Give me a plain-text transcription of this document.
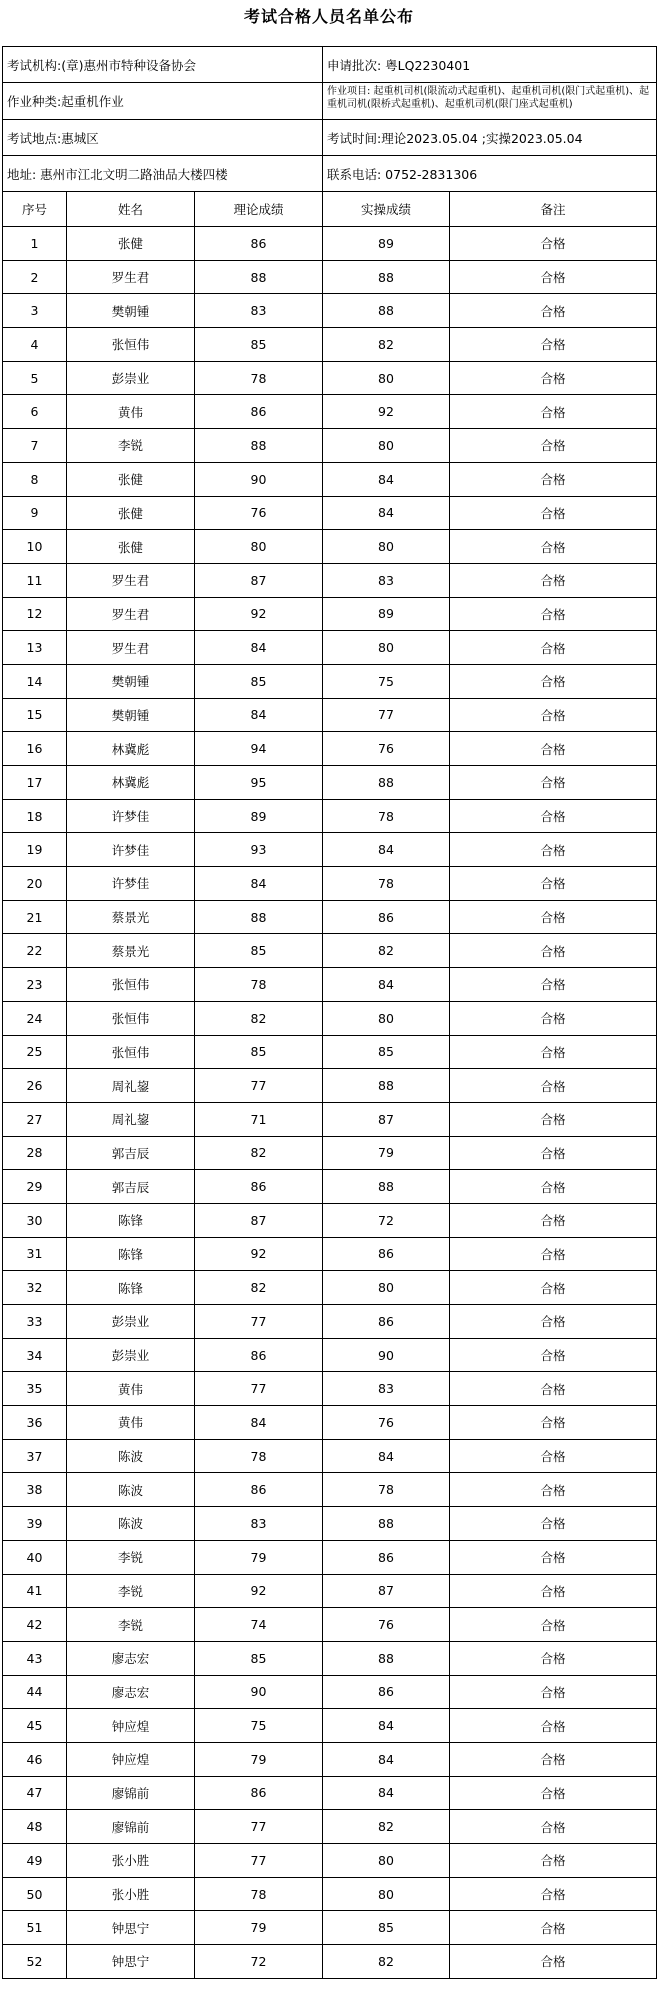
考试合格人员名单公布
考试机构:(章)惠州市特种设备协会			申请批次: 粤LQ2230401	
作业种类:起重机作业			作业项目: 起重机司机(限流动式起重机)、起重机司机(限门式起重机)、起重机司机(限桥式起重机)、起重机司机(限门座式起重机)	
考试地点:惠城区			考试时间:理论2023.05.04 ;实操2023.05.04	
地址: 惠州市江北文明二路油品大楼四楼			联系电话: 0752-2831306	
序号	姓名	理论成绩	实操成绩	备注
1	张健	86	89	合格
2	罗生君	88	88	合格
3	樊朝锺	83	88	合格
4	张恒伟	85	82	合格
5	彭崇业	78	80	合格
6	黄伟	86	92	合格
7	李锐	88	80	合格
8	张健	90	84	合格
9	张健	76	84	合格
10	张健	80	80	合格
11	罗生君	87	83	合格
12	罗生君	92	89	合格
13	罗生君	84	80	合格
14	樊朝锺	85	75	合格
15	樊朝锺	84	77	合格
16	林冀彪	94	76	合格
17	林冀彪	95	88	合格
18	许梦佳	89	78	合格
19	许梦佳	93	84	合格
20	许梦佳	84	78	合格
21	蔡景光	88	86	合格
22	蔡景光	85	82	合格
23	张恒伟	78	84	合格
24	张恒伟	82	80	合格
25	张恒伟	85	85	合格
26	周礼鋆	77	88	合格
27	周礼鋆	71	87	合格
28	郭吉辰	82	79	合格
29	郭吉辰	86	88	合格
30	陈锋	87	72	合格
31	陈锋	92	86	合格
32	陈锋	82	80	合格
33	彭崇业	77	86	合格
34	彭崇业	86	90	合格
35	黄伟	77	83	合格
36	黄伟	84	76	合格
37	陈波	78	84	合格
38	陈波	86	78	合格
39	陈波	83	88	合格
40	李锐	79	86	合格
41	李锐	92	87	合格
42	李锐	74	76	合格
43	廖志宏	85	88	合格
44	廖志宏	90	86	合格
45	钟应煌	75	84	合格
46	钟应煌	79	84	合格
47	廖锦前	86	84	合格
48	廖锦前	77	82	合格
49	张小胜	77	80	合格
50	张小胜	78	80	合格
51	钟思宁	79	85	合格
52	钟思宁	72	82	合格
